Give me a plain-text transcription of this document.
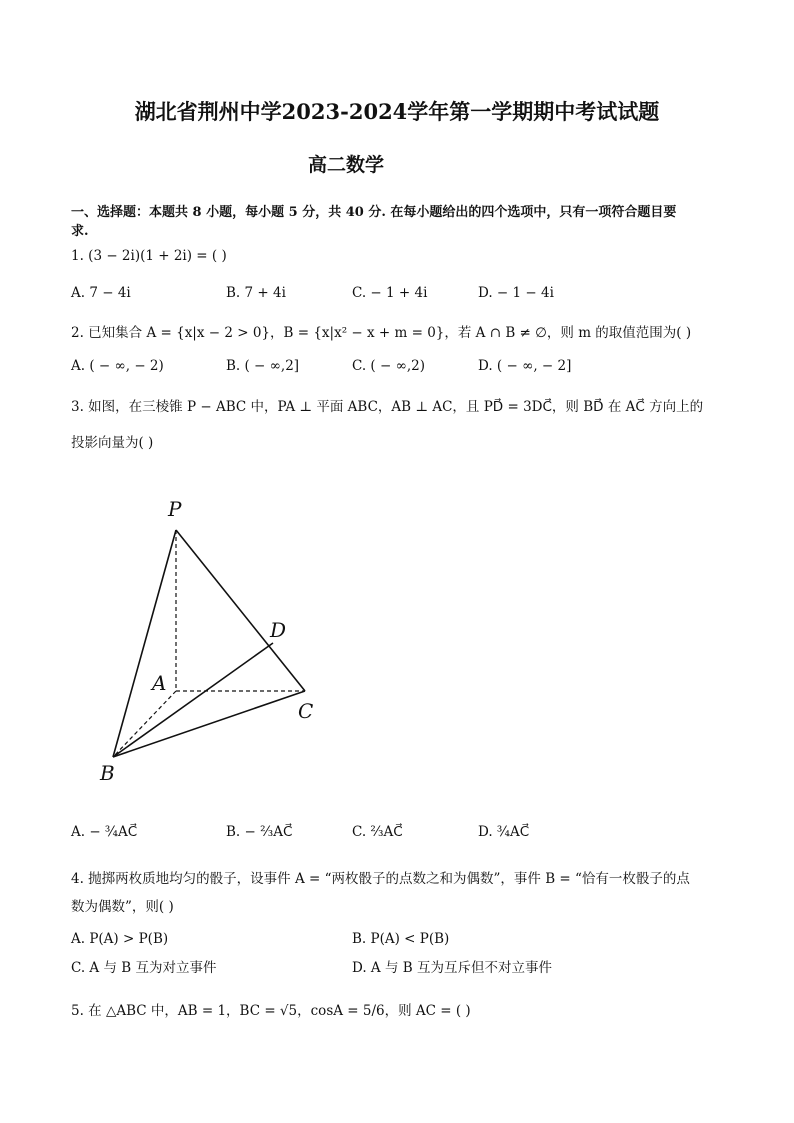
湖北省荆州中学2023-2024学年第一学期期中考试试题
高二数学
一、选择题：本题共 8 小题，每小题 5 分，共 40 分. 在每小题给出的四个选项中，只有一项符合题目要
求.
1. (3 − 2i)(1 + 2i) = ( )
A. 7 − 4i	B. 7 + 4i	C. − 1 + 4i	D. − 1 − 4i
2. 已知集合 A = {x|x − 2 > 0}，B = {x|x² − x + m = 0}，若 A ∩ B ≠ ∅，则 m 的取值范围为( )
A. ( − ∞, − 2)	B. ( − ∞,2]	C. ( − ∞,2)	D. ( − ∞, − 2]
3. 如图，在三棱锥 P − ABC 中，PA ⊥ 平面 ABC，AB ⊥ AC，且 PD⃗ = 3DC⃗，则 BD⃗ 在 AC⃗ 方向上的
投影向量为( )
P
A
B
C
D
A. − ¾AC⃗	B. − ⅔AC⃗	C. ⅔AC⃗	D. ¾AC⃗
4. 抛掷两枚质地均匀的骰子，设事件 A = “两枚骰子的点数之和为偶数”，事件 B = “恰有一枚骰子的点
数为偶数”，则( )
A. P(A) > P(B)	B. P(A) < P(B)
C. A 与 B 互为对立事件	D. A 与 B 互为互斥但不对立事件
5. 在 △ABC 中，AB = 1，BC = √5，cosA = 5/6，则 AC = ( )
